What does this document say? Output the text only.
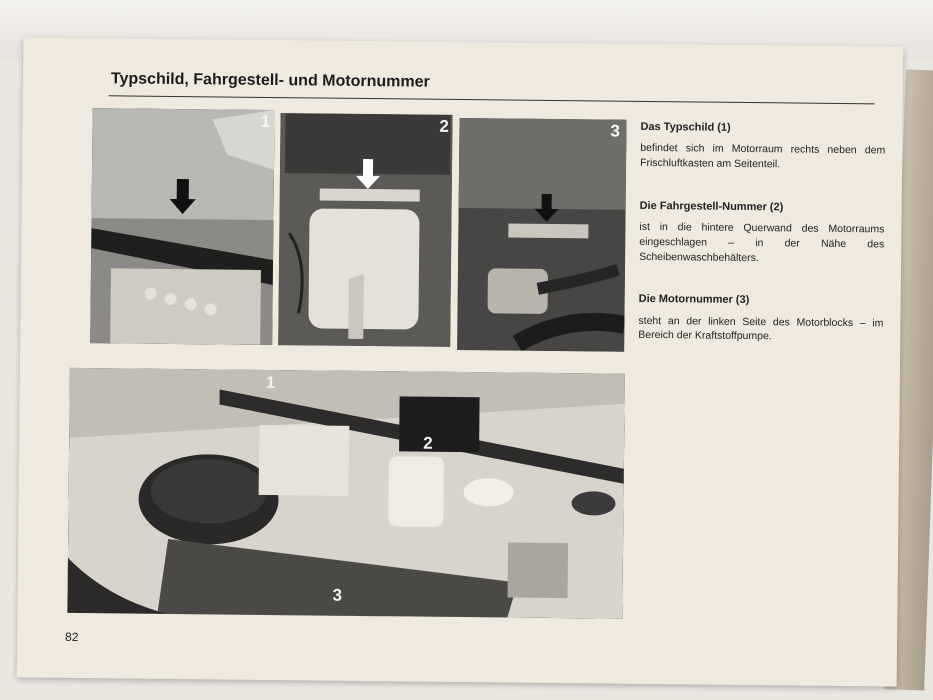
Typschild, Fahrgestell- und Motornummer
1	2	3
1
2
3
Das Typschild (1)
befindet sich im Motorraum rechts neben dem Frischluftkasten am Seitenteil.
Die Fahrgestell-Nummer (2)
ist in die hintere Querwand des Motorraums eingeschlagen – in der Nähe des Scheibenwaschbehälters.
Die Motornummer (3)
steht an der linken Seite des Motorblocks – im Bereich der Kraftstoffpumpe.
82
